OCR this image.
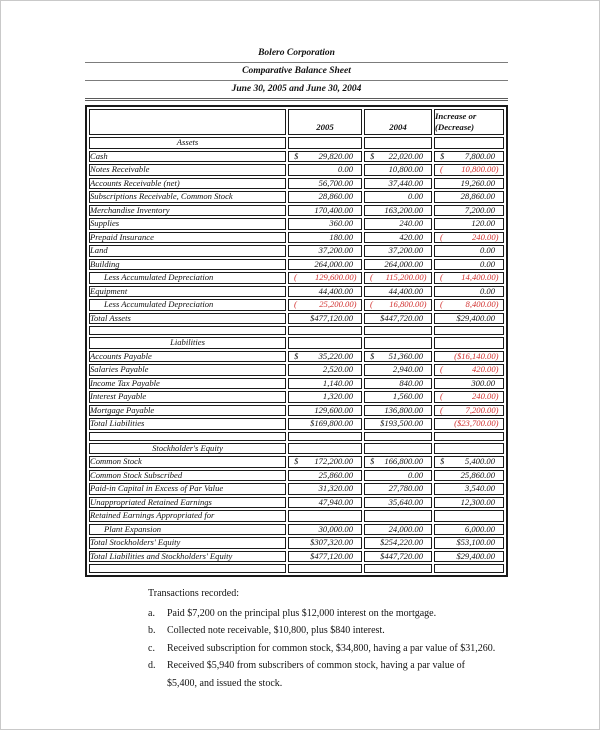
Bolero Corporation
Comparative Balance Sheet
June 30, 2005 and June 30, 2004
	2005	2004	Increase or
(Decrease)

Assets	

Cash	$ 29,820.00	$ 22,020.00	$ 7,800.00

Notes Receivable	0.00	10,800.00	( 10,800.00)

Accounts Receivable (net)	56,700.00	37,440.00	19,260.00

Subscriptions Receivable, Common Stock	28,860.00	0.00	28,860.00

Merchandise Inventory	170,400.00	163,200.00	7,200.00

Supplies	360.00	240.00	120.00

Prepaid Insurance	180.00	420.00	( 240.00)

Land	37,200.00	37,200.00	0.00

Building	264,000.00	264,000.00	0.00

Less Accumulated Depreciation	( 129,600.00)	( 115,200.00)	( 14,400.00)

Equipment	44,400.00	44,400.00	0.00

Less Accumulated Depreciation	( 25,200.00)	( 16,800.00)	( 8,400.00)

Total Assets	$477,120.00	$447,720.00	$29,400.00

Liabilities	

Accounts Payable	$ 35,220.00	$ 51,360.00	($16,140.00)

Salaries Payable	2,520.00	2,940.00	( 420.00)

Income Tax Payable	1,140.00	840.00	300.00

Interest Payable	1,320.00	1,560.00	( 240.00)

Mortgage Payable	129,600.00	136,800.00	( 7,200.00)

Total Liabilities	$169,800.00	$193,500.00	($23,700.00)

Stockholder's Equity	

Common Stock	$ 172,200.00	$ 166,800.00	$ 5,400.00

Common Stock Subscribed	25,860.00	0.00	25,860.00

Paid-in Capital in Excess of Par Value	31,320.00	27,780.00	3,540.00

Unappropriated Retained Earnings	47,940.00	35,640.00	12,300.00

Retained Earnings Appropriated for	

Plant Expansion	30,000.00	24,000.00	6,000.00

Total Stockholders' Equity	$307,320.00	$254,220.00	$53,100.00

Total Liabilities and Stockholders' Equity	$477,120.00	$447,720.00	$29,400.00

Transactions recorded:
a.	Paid $7,200 on the principal plus $12,000 interest on the mortgage.
b.	Collected note receivable, $10,800, plus $840 interest.
c.	Received subscription for common stock, $34,800, having a par value of $31,260.
d.	Received $5,940 from subscribers of common stock, having a par value of
$5,400, and issued the stock.
